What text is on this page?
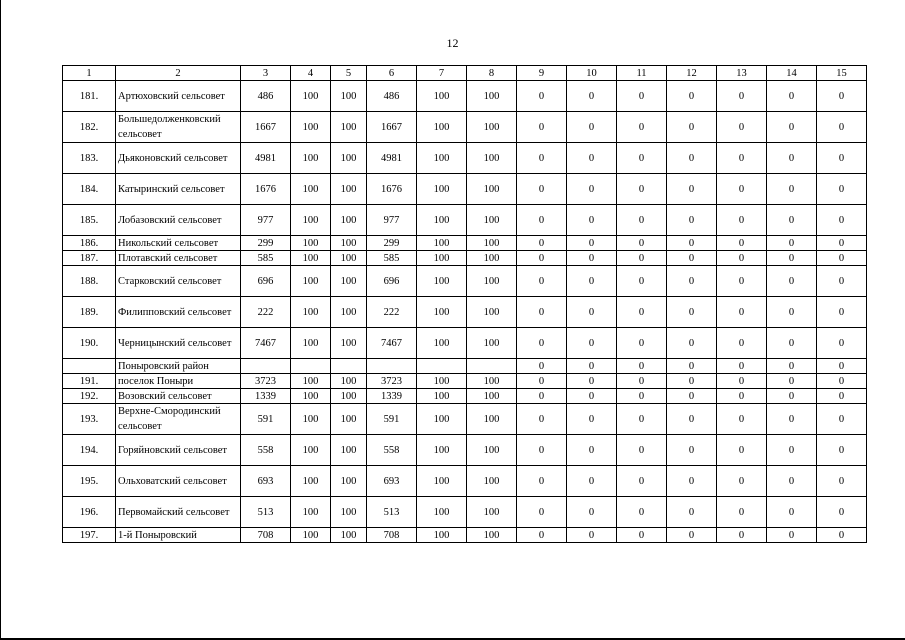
12
1	2	3	4	5	6	7	8	9	10	11	12	13	14	15
181.	Артюховский сельсовет	486	100	100	486	100	100	0	0	0	0	0	0	0
182.	Большедолженковский сельсовет	1667	100	100	1667	100	100	0	0	0	0	0	0	0
183.	Дьяконовский сельсовет	4981	100	100	4981	100	100	0	0	0	0	0	0	0
184.	Катыринский сельсовет	1676	100	100	1676	100	100	0	0	0	0	0	0	0
185.	Лобазовский сельсовет	977	100	100	977	100	100	0	0	0	0	0	0	0
186.	Никольский сельсовет	299	100	100	299	100	100	0	0	0	0	0	0	0
187.	Плотавский сельсовет	585	100	100	585	100	100	0	0	0	0	0	0	0
188.	Старковский сельсовет	696	100	100	696	100	100	0	0	0	0	0	0	0
189.	Филипповский сельсовет	222	100	100	222	100	100	0	0	0	0	0	0	0
190.	Черницынский сельсовет	7467	100	100	7467	100	100	0	0	0	0	0	0	0
	Поныровский район							0	0	0	0	0	0	0
191.	поселок Поныри	3723	100	100	3723	100	100	0	0	0	0	0	0	0
192.	Возовский сельсовет	1339	100	100	1339	100	100	0	0	0	0	0	0	0
193.	Верхне-Смородинский сельсовет	591	100	100	591	100	100	0	0	0	0	0	0	0
194.	Горяйновский сельсовет	558	100	100	558	100	100	0	0	0	0	0	0	0
195.	Ольховатский сельсовет	693	100	100	693	100	100	0	0	0	0	0	0	0
196.	Первомайский сельсовет	513	100	100	513	100	100	0	0	0	0	0	0	0
197.	1-й Поныровский	708	100	100	708	100	100	0	0	0	0	0	0	0
